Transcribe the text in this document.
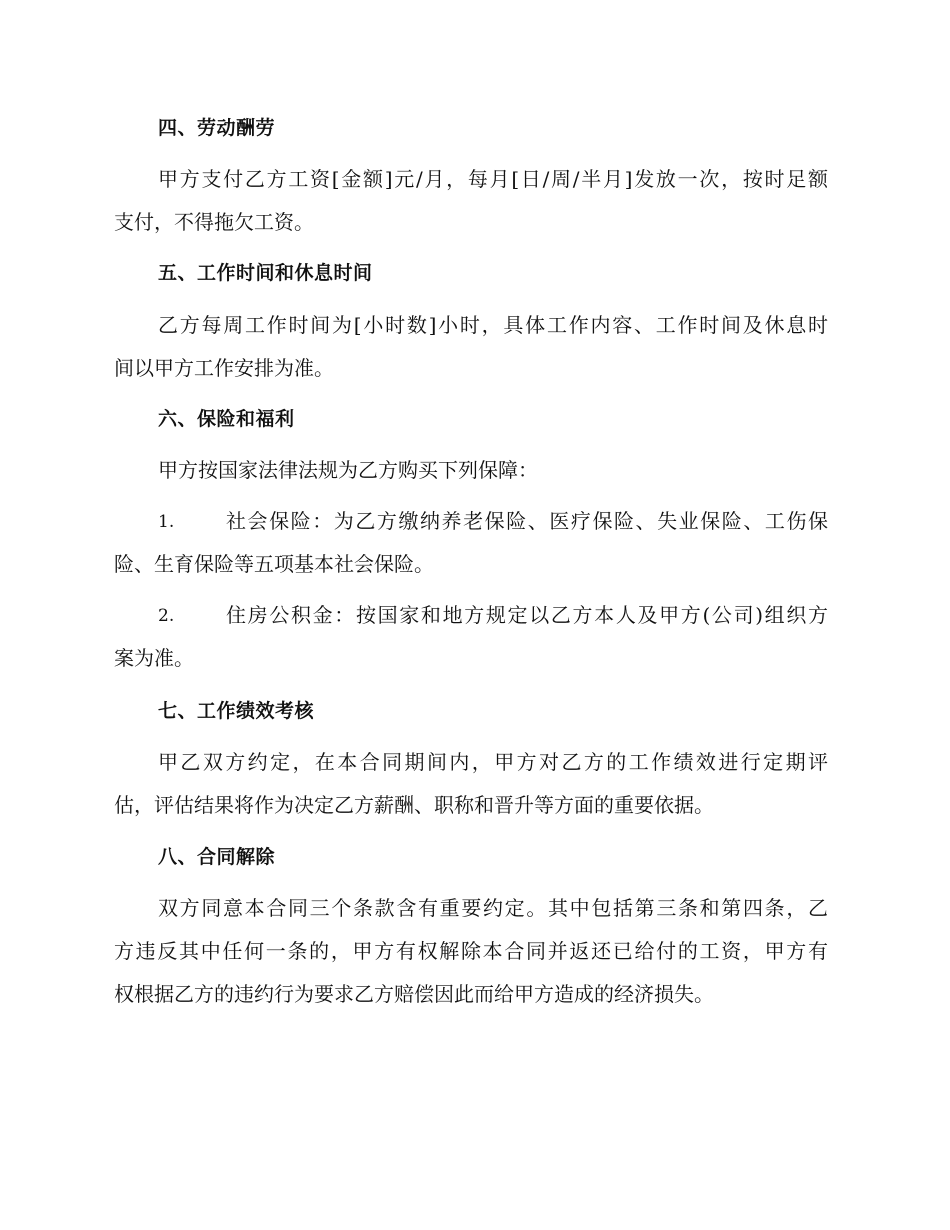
四、劳动酬劳
甲方支付乙方工资[金额]元/月，每月[日/周/半月]发放一次，按时足额
支付，不得拖欠工资。
五、工作时间和休息时间
乙方每周工作时间为[小时数]小时，具体工作内容、工作时间及休息时
间以甲方工作安排为准。
六、保险和福利
甲方按国家法律法规为乙方购买下列保障：
1.	社会保险：为乙方缴纳养老保险、医疗保险、失业保险、工伤保
险、生育保险等五项基本社会保险。
2.	住房公积金：按国家和地方规定以乙方本人及甲方(公司)组织方
案为准。
七、工作绩效考核
甲乙双方约定，在本合同期间内，甲方对乙方的工作绩效进行定期评
估，评估结果将作为决定乙方薪酬、职称和晋升等方面的重要依据。
八、合同解除
双方同意本合同三个条款含有重要约定。其中包括第三条和第四条，乙
方违反其中任何一条的，甲方有权解除本合同并返还已给付的工资，甲方有
权根据乙方的违约行为要求乙方赔偿因此而给甲方造成的经济损失。
